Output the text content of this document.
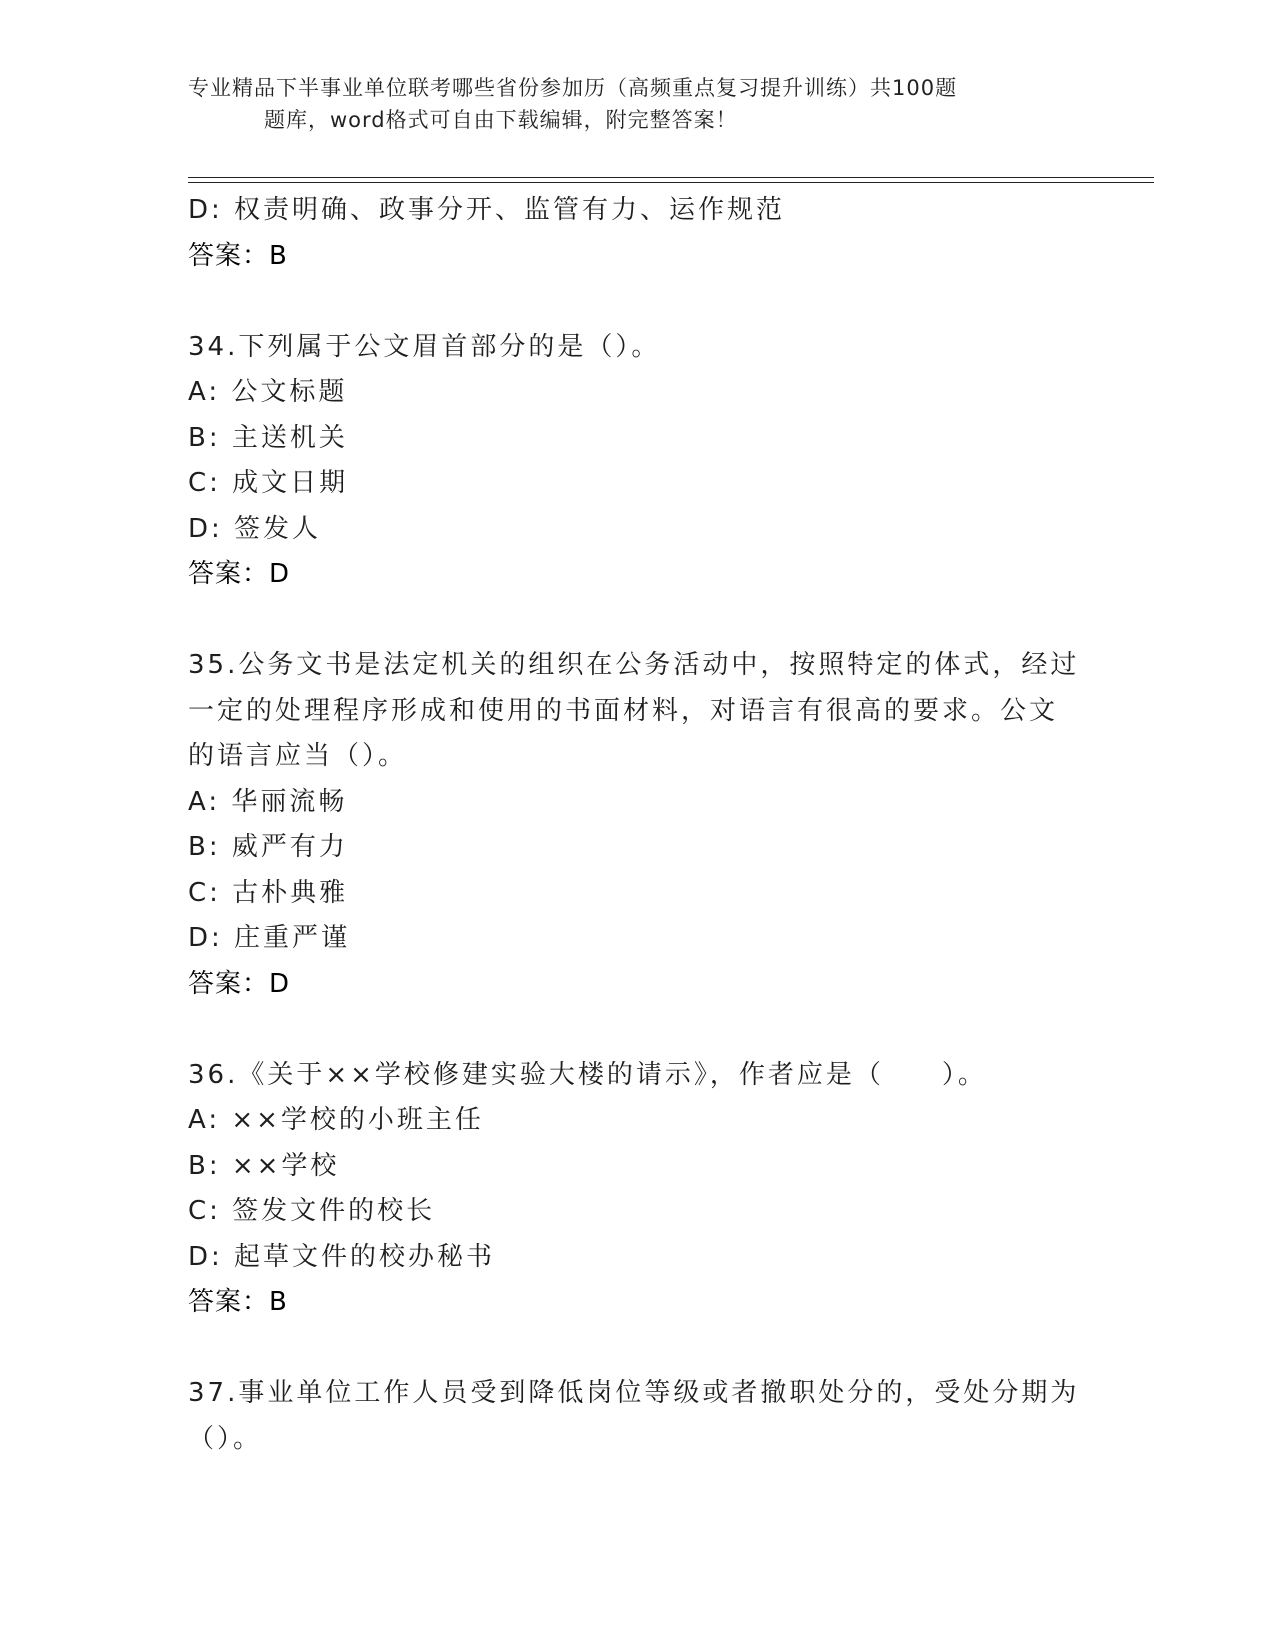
专业精品下半事业单位联考哪些省份参加历（高频重点复习提升训练）共100题
题库，word格式可自由下载编辑，附完整答案！
D: 权责明确、政事分开、监管有力、运作规范
答案：B
34.下列属于公文眉首部分的是（）。
A: 公文标题
B: 主送机关
C: 成文日期
D: 签发人
答案：D
35.公务文书是法定机关的组织在公务活动中，按照特定的体式，经过
一定的处理程序形成和使用的书面材料，对语言有很高的要求。公文
的语言应当（）。
A: 华丽流畅
B: 威严有力
C: 古朴典雅
D: 庄重严谨
答案：D
36.《关于××学校修建实验大楼的请示》，作者应是（　　）。
A: ××学校的小班主任
B: ××学校
C: 签发文件的校长
D: 起草文件的校办秘书
答案：B
37.事业单位工作人员受到降低岗位等级或者撤职处分的，受处分期为
（）。
